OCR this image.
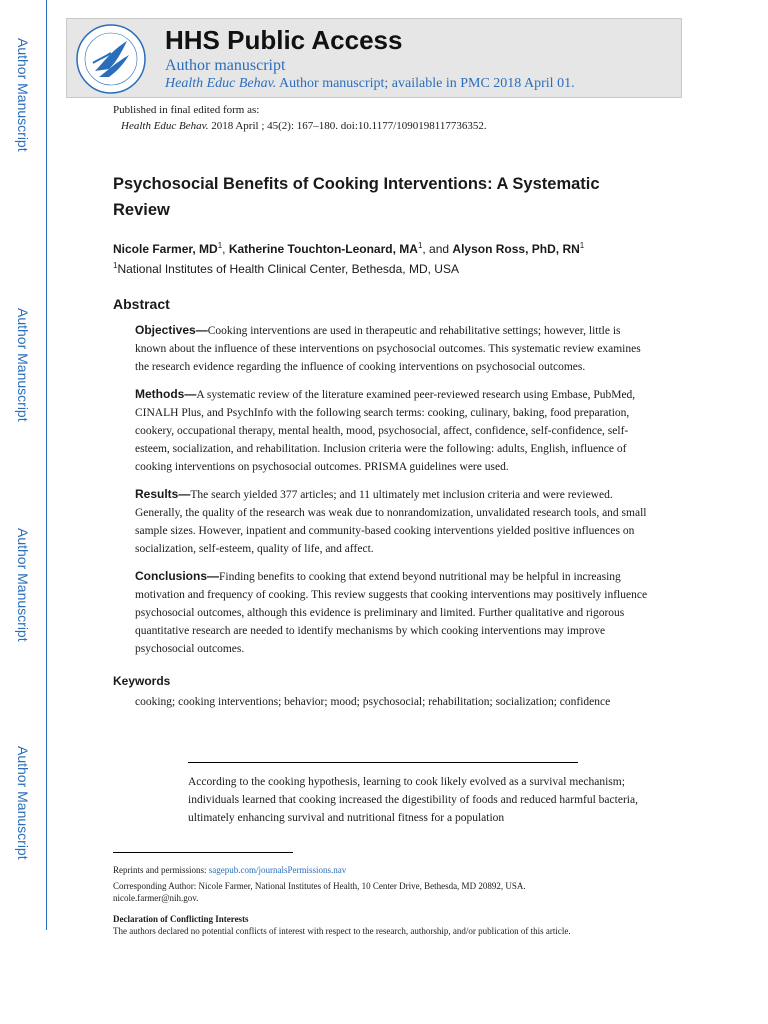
Author Manuscript
Author Manuscript
Author Manuscript
Author Manuscript
HHS Public Access
Author manuscript
Health Educ Behav. Author manuscript; available in PMC 2018 April 01.
Published in final edited form as:
Health Educ Behav. 2018 April ; 45(2): 167–180. doi:10.1177/1090198117736352.
Psychosocial Benefits of Cooking Interventions: A Systematic Review
Nicole Farmer, $MD^1$, Katherine Touchton-Leonard, $MA^1$, and Alyson Ross, PhD, $RN^1$
$^1$National Institutes of Health Clinical Center, Bethesda, MD, USA
Abstract

Objectives—Cooking interventions are used in therapeutic and rehabilitative settings; however, little is known about the influence of these interventions on psychosocial outcomes. This systematic review examines the research evidence regarding the influence of cooking interventions on psychosocial outcomes.

Methods—A systematic review of the literature examined peer-reviewed research using Embase, PubMed, CINALH Plus, and PsychInfo with the following search terms: cooking, culinary, baking, food preparation, cookery, occupational therapy, mental health, mood, psychosocial, affect, confidence, self-confidence, self-esteem, socialization, and rehabilitation. Inclusion criteria were the following: adults, English, influence of cooking interventions on psychosocial outcomes. PRISMA guidelines were used.

Results—The search yielded 377 articles; and 11 ultimately met inclusion criteria and were reviewed. Generally, the quality of the research was weak due to nonrandomization, unvalidated research tools, and small sample sizes. However, inpatient and community-based cooking interventions yielded positive influences on socialization, self-esteem, quality of life, and affect.

Conclusions—Finding benefits to cooking that extend beyond nutritional may be helpful in increasing motivation and frequency of cooking. This review suggests that cooking interventions may positively influence psychosocial outcomes, although this evidence is preliminary and limited. Further qualitative and rigorous quantitative research are needed to identify mechanisms by which cooking interventions may improve psychosocial outcomes.

Keywords
cooking; cooking interventions; behavior; mood; psychosocial; rehabilitation; socialization; confidence
According to the cooking hypothesis, learning to cook likely evolved as a survival mechanism; individuals learned that cooking increased the digestibility of foods and reduced harmful bacteria, ultimately enhancing survival and nutritional fitness for a population
Reprints and permissions: sagepub.com/journalsPermissions.nav
Corresponding Author: Nicole Farmer, National Institutes of Health, 10 Center Drive, Bethesda, MD 20892, USA.
nicole.farmer@nih.gov.
Declaration of Conflicting Interests
The authors declared no potential conflicts of interest with respect to the research, authorship, and/or publication of this article.
